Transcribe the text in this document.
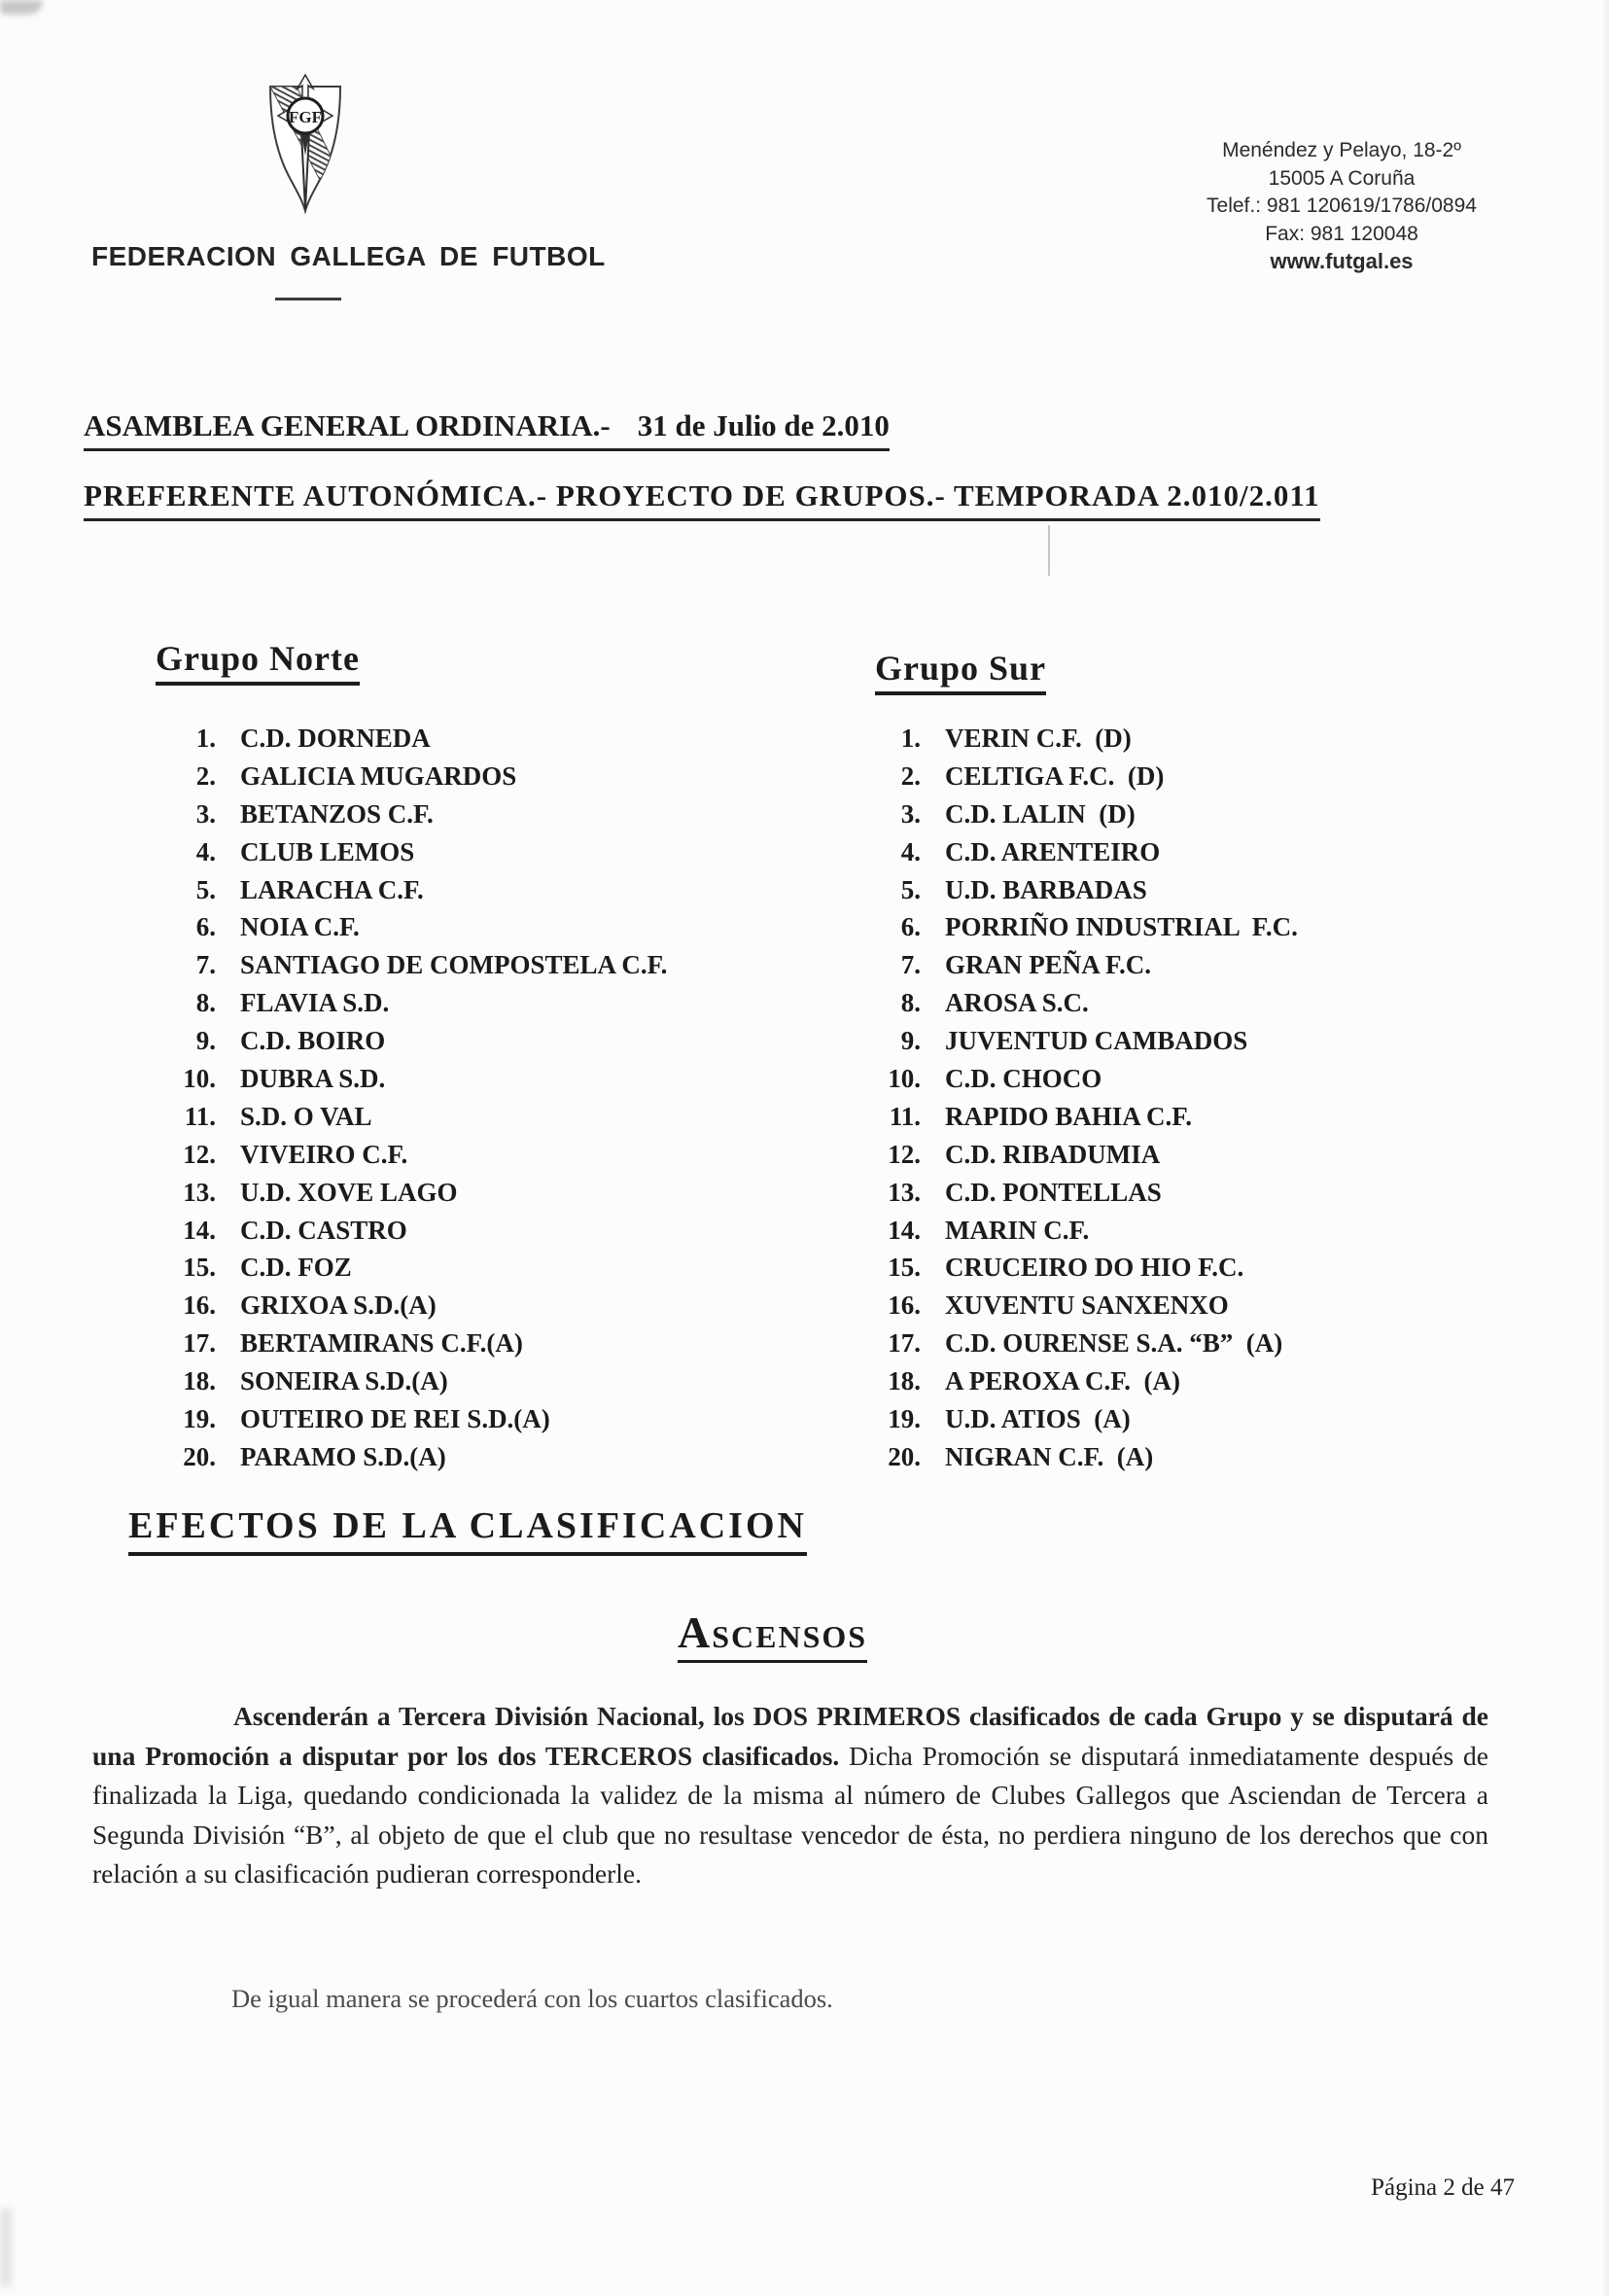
FGF
FEDERACION GALLEGA DE FUTBOL
Menéndez y Pelayo, 18-2º
15005 A Coruña
Telef.: 981 120619/1786/0894
Fax: 981 120048
www.futgal.es
ASAMBLEA GENERAL ORDINARIA.- 31 de Julio de 2.010
PREFERENTE AUTONÓMICA.- PROYECTO DE GRUPOS.- TEMPORADA 2.010/2.011
Grupo Norte	Grupo Sur
1. C.D. DORNEDA
2. GALICIA MUGARDOS
3. BETANZOS C.F.
4. CLUB LEMOS
5. LARACHA C.F.
6. NOIA C.F.
7. SANTIAGO DE COMPOSTELA C.F.
8. FLAVIA S.D.
9. C.D. BOIRO
10. DUBRA S.D.
11. S.D. O VAL
12. VIVEIRO C.F.
13. U.D. XOVE LAGO
14. C.D. CASTRO
15. C.D. FOZ
16. GRIXOA S.D.(A)
17. BERTAMIRANS C.F.(A)
18. SONEIRA S.D.(A)
19. OUTEIRO DE REI S.D.(A)
20. PARAMO S.D.(A)
1. VERIN C.F.  (D)
2. CELTIGA F.C.  (D)
3. C.D. LALIN  (D)
4. C.D. ARENTEIRO
5. U.D. BARBADAS
6. PORRIÑO INDUSTRIAL  F.C.
7. GRAN PEÑA F.C.
8. AROSA S.C.
9. JUVENTUD CAMBADOS
10. C.D. CHOCO
11. RAPIDO BAHIA C.F.
12. C.D. RIBADUMIA
13. C.D. PONTELLAS
14. MARIN C.F.
15. CRUCEIRO DO HIO F.C.
16. XUVENTU SANXENXO
17. C.D. OURENSE S.A. “B”  (A)
18. A PEROXA C.F.  (A)
19. U.D. ATIOS  (A)
20. NIGRAN C.F.  (A)
EFECTOS DE LA CLASIFICACION
ASCENSOS
Ascenderán a Tercera División Nacional, los DOS PRIMEROS clasificados de cada Grupo y se disputará de una Promoción a disputar por los dos TERCEROS clasificados. Dicha Promoción se disputará inmediatamente después de finalizada la Liga, quedando condicionada la validez de la misma al número de Clubes Gallegos que Asciendan de Tercera a Segunda División “B”, al objeto de que el club que no resultase vencedor de ésta, no perdiera ninguno de los derechos que con relación a su clasificación pudieran corresponderle.
De igual manera se procederá con los cuartos clasificados.
Página 2 de 47
